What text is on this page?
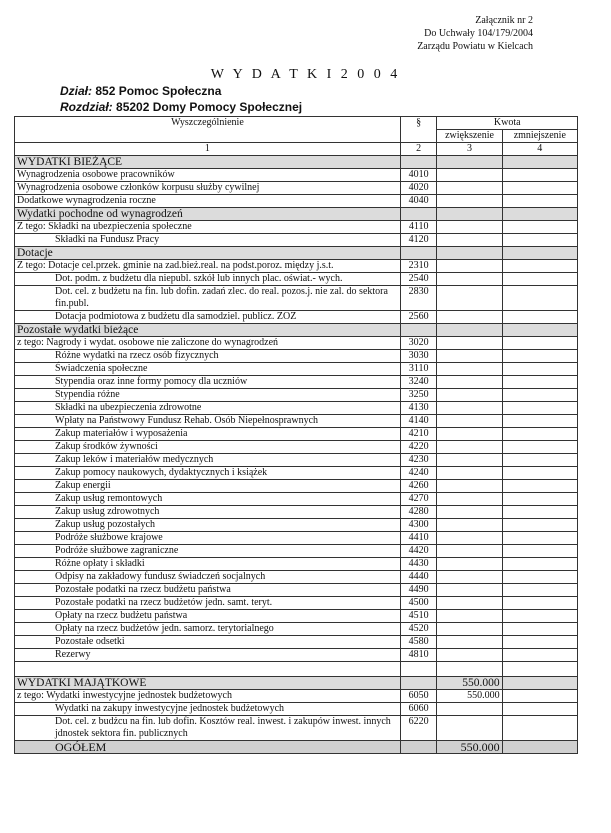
Załącznik nr 2
Do Uchwały 104/179/2004
Zarządu Powiatu w Kielcach
W Y D A T K I 2 0 0 4
Dział: 852 Pomoc Społeczna
Rozdział: 85202 Domy Pomocy Społecznej
Wyszczególnienie	§	Kwota	
		zwiększenie	zmniejszenie
1	2	3	4
WYDATKI BIEŻĄCE			
Wynagrodzenia osobowe pracowników	4010		
Wynagrodzenia osobowe członków korpusu służby cywilnej	4020		
Dodatkowe wynagrodzenia roczne	4040		
Wydatki pochodne od wynagrodzeń			
Z tego: Składki na ubezpieczenia społeczne	4110		
Składki na Fundusz Pracy	4120		
Dotacje			
Z tego: Dotacje cel.przek. gminie na zad.bież.real. na podst.poroz. między j.s.t.	2310		
Dot. podm. z budżetu dla niepubl. szkół lub innych plac. oświat.- wych.	2540		
Dot. cel. z budżetu na fin. lub dofin. zadań zlec. do real. pozos.j. nie zal. do sektora fin.publ.	2830		
Dotacja podmiotowa z budżetu dla samodziel. publicz. ZOZ	2560		
Pozostałe wydatki bieżące			
z tego: Nagrody i wydat. osobowe nie zaliczone do wynagrodzeń	3020		
Różne wydatki na rzecz osób fizycznych	3030		
Świadczenia społeczne	3110		
Stypendia oraz inne formy pomocy dla uczniów	3240		
Stypendia różne	3250		
Składki na ubezpieczenia zdrowotne	4130		
Wpłaty na Państwowy Fundusz Rehab. Osób Niepełnosprawnych	4140		
Zakup materiałów i wyposażenia	4210		
Zakup środków żywności	4220		
Zakup leków i materiałów medycznych	4230		
Zakup pomocy naukowych, dydaktycznych i książek	4240		
Zakup energii	4260		
Zakup usług remontowych	4270		
Zakup usług zdrowotnych	4280		
Zakup usług pozostałych	4300		
Podróże służbowe krajowe	4410		
Podróże służbowe zagraniczne	4420		
Różne opłaty i składki	4430		
Odpisy na zakładowy fundusz świadczeń socjalnych	4440		
Pozostałe podatki na rzecz budżetu państwa	4490		
Pozostałe podatki na rzecz budżetów jedn. samt. teryt.	4500		
Opłaty na rzecz budżetu państwa	4510		
Opłaty na rzecz budżetów jedn. samorz. terytorialnego	4520		
Pozostałe odsetki	4580		
Rezerwy	4810		

WYDATKI MAJĄTKOWE		550.000	
z tego: Wydatki inwestycyjne jednostek budżetowych	6050	550.000	
Wydatki na zakupy inwestycyjne jednostek budżetowych	6060		
Dot. cel. z budżcu na fin. lub dofin. Kosztów real. inwest. i zakupów inwest. innych jdnostek sektora fin. publicznych	6220		
OGÓŁEM		550.000	
